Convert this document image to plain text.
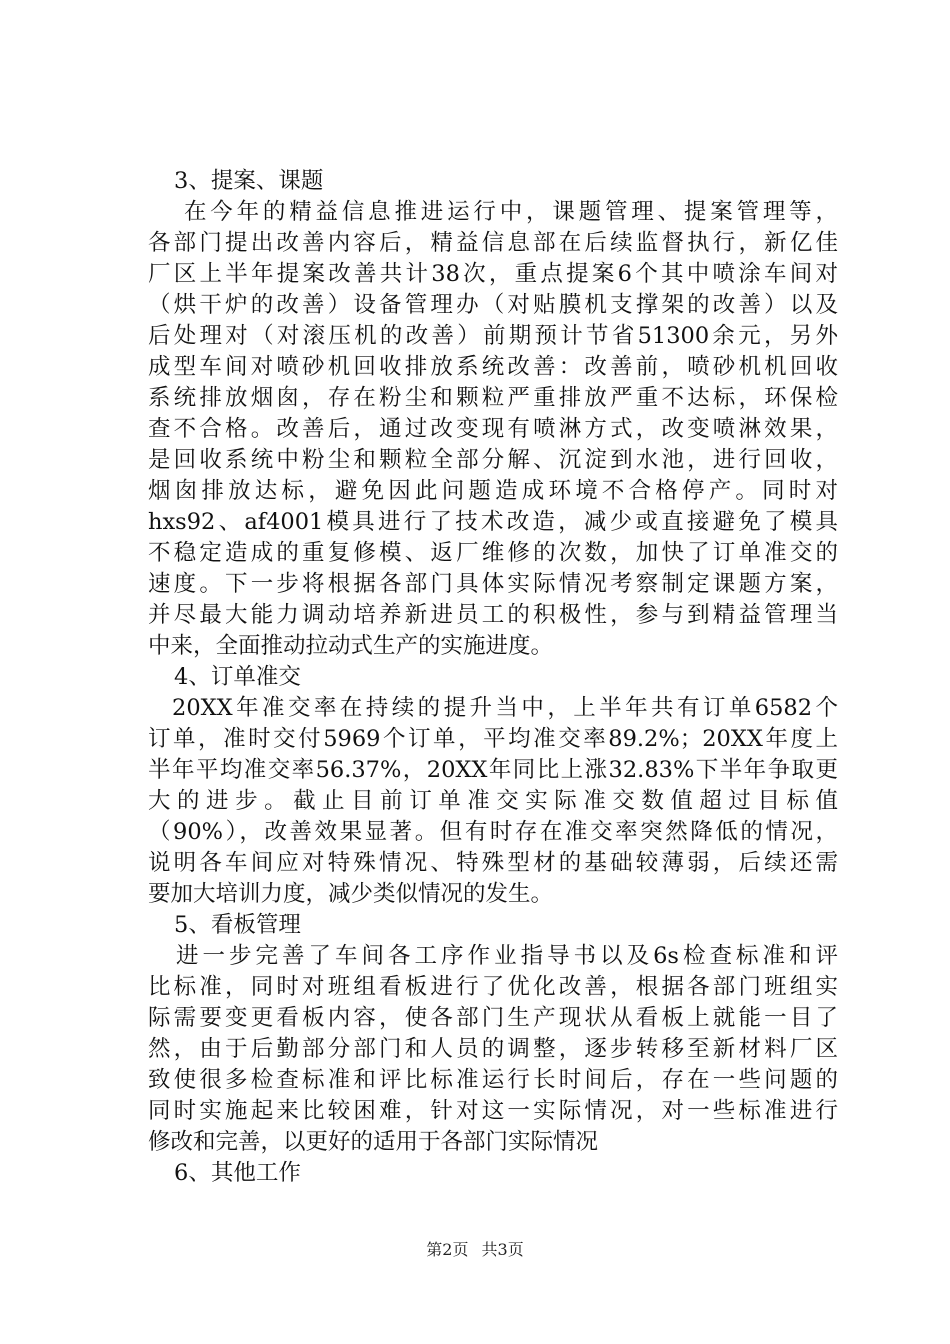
3、提案、课题
在今年的精益信息推进运行中，课题管理、提案管理等，
各部门提出改善内容后，精益信息部在后续监督执行，新亿佳
厂区上半年提案改善共计38次，重点提案6个其中喷涂车间对
（烘干炉的改善）设备管理办（对贴膜机支撑架的改善）以及
后处理对（对滚压机的改善）前期预计节省51300余元，另外
成型车间对喷砂机回收排放系统改善：改善前，喷砂机机回收
系统排放烟囱，存在粉尘和颗粒严重排放严重不达标，环保检
查不合格。改善后，通过改变现有喷淋方式，改变喷淋效果，
是回收系统中粉尘和颗粒全部分解、沉淀到水池，进行回收，
烟囱排放达标，避免因此问题造成环境不合格停产。同时对
hxs92、af4001模具进行了技术改造，减少或直接避免了模具
不稳定造成的重复修模、返厂维修的次数，加快了订单准交的
速度。下一步将根据各部门具体实际情况考察制定课题方案，
并尽最大能力调动培养新进员工的积极性，参与到精益管理当
中来，全面推动拉动式生产的实施进度。
4、订单准交
20XX年准交率在持续的提升当中，上半年共有订单6582个
订单，准时交付5969个订单，平均准交率89.2%；20XX年度上
半年平均准交率56.37%，20XX年同比上涨32.83%下半年争取更
大的进步。截止目前订单准交实际准交数值超过目标值
（90%），改善效果显著。但有时存在准交率突然降低的情况，
说明各车间应对特殊情况、特殊型材的基础较薄弱，后续还需
要加大培训力度，减少类似情况的发生。
5、看板管理
进一步完善了车间各工序作业指导书以及6s检查标准和评
比标准，同时对班组看板进行了优化改善，根据各部门班组实
际需要变更看板内容，使各部门生产现状从看板上就能一目了
然，由于后勤部分部门和人员的调整，逐步转移至新材料厂区
致使很多检查标准和评比标准运行长时间后，存在一些问题的
同时实施起来比较困难，针对这一实际情况，对一些标准进行
修改和完善，以更好的适用于各部门实际情况
6、其他工作
第2页 共3页
